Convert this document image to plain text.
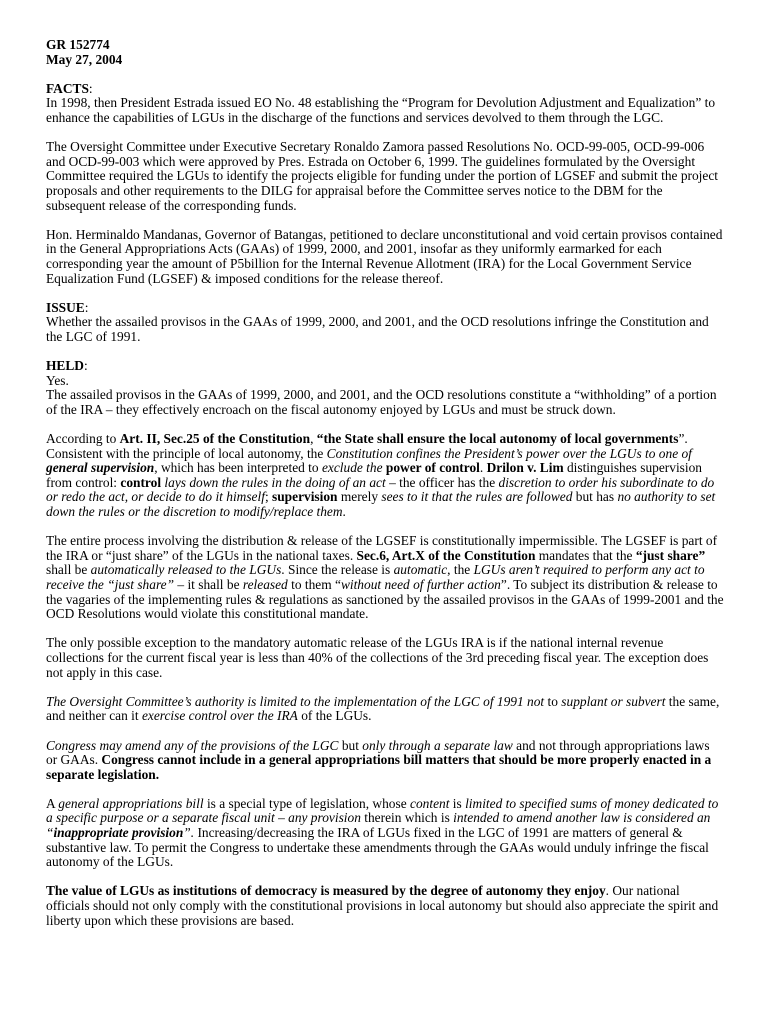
GR 152774
May 27, 2004
FACTS:

In 1998, then President Estrada issued EO No. 48 establishing the “Program for Devolution Adjustment and Equalization” to enhance the capabilities of LGUs in the discharge of the functions and services devolved to them through the LGC.

The Oversight Committee under Executive Secretary Ronaldo Zamora passed Resolutions No. OCD-99-005, OCD-99-006 and OCD-99-003 which were approved by Pres. Estrada on October 6, 1999. The guidelines formulated by the Oversight Committee required the LGUs to identify the projects eligible for funding under the portion of LGSEF and submit the project proposals and other requirements to the DILG for appraisal before the Committee serves notice to the DBM for the subsequent release of the corresponding funds.

Hon. Herminaldo Mandanas, Governor of Batangas, petitioned to declare unconstitutional and void certain provisos contained in the General Appropriations Acts (GAAs) of 1999, 2000, and 2001, insofar as they uniformly earmarked for each corresponding year the amount of P5billion for the Internal Revenue Allotment (IRA) for the Local Government Service Equalization Fund (LGSEF) & imposed conditions for the release thereof.

ISSUE:

Whether the assailed provisos in the GAAs of 1999, 2000, and 2001, and the OCD resolutions infringe the Constitution and the LGC of 1991.

HELD:
Yes.

The assailed provisos in the GAAs of 1999, 2000, and 2001, and the OCD resolutions constitute a “withholding” of a portion of the IRA – they effectively encroach on the fiscal autonomy enjoyed by LGUs and must be struck down.

According to Art. II, Sec.25 of the Constitution, “the State shall ensure the local autonomy of local governments”. Consistent with the principle of local autonomy, the Constitution confines the President’s power over the LGUs to one of general supervision, which has been interpreted to exclude the power of control. Drilon v. Lim distinguishes supervision from control: control lays down the rules in the doing of an act – the officer has the discretion to order his subordinate to do or redo the act, or decide to do it himself; supervision merely sees to it that the rules are followed but has no authority to set down the rules or the discretion to modify/replace them.

The entire process involving the distribution & release of the LGSEF is constitutionally impermissible. The LGSEF is part of the IRA or “just share” of the LGUs in the national taxes. Sec.6, Art.X of the Constitution mandates that the “just share” shall be automatically released to the LGUs. Since the release is automatic, the LGUs aren’t required to perform any act to receive the “just share” – it shall be released to them “without need of further action”. To subject its distribution & release to the vagaries of the implementing rules & regulations as sanctioned by the assailed provisos in the GAAs of 1999-2001 and the OCD Resolutions would violate this constitutional mandate.

The only possible exception to the mandatory automatic release of the LGUs IRA is if the national internal revenue collections for the current fiscal year is less than 40% of the collections of the 3rd preceding fiscal year. The exception does not apply in this case.

The Oversight Committee’s authority is limited to the implementation of the LGC of 1991 not to supplant or subvert the same, and neither can it exercise control over the IRA of the LGUs.

Congress may amend any of the provisions of the LGC but only through a separate law and not through appropriations laws or GAAs. Congress cannot include in a general appropriations bill matters that should be more properly enacted in a separate legislation.

A general appropriations bill is a special type of legislation, whose content is limited to specified sums of money dedicated to a specific purpose or a separate fiscal unit – any provision therein which is intended to amend another law is considered an “inappropriate provision”. Increasing/decreasing the IRA of LGUs fixed in the LGC of 1991 are matters of general & substantive law. To permit the Congress to undertake these amendments through the GAAs would unduly infringe the fiscal autonomy of the LGUs.

The value of LGUs as institutions of democracy is measured by the degree of autonomy they enjoy. Our national officials should not only comply with the constitutional provisions in local autonomy but should also appreciate the spirit and liberty upon which these provisions are based.
